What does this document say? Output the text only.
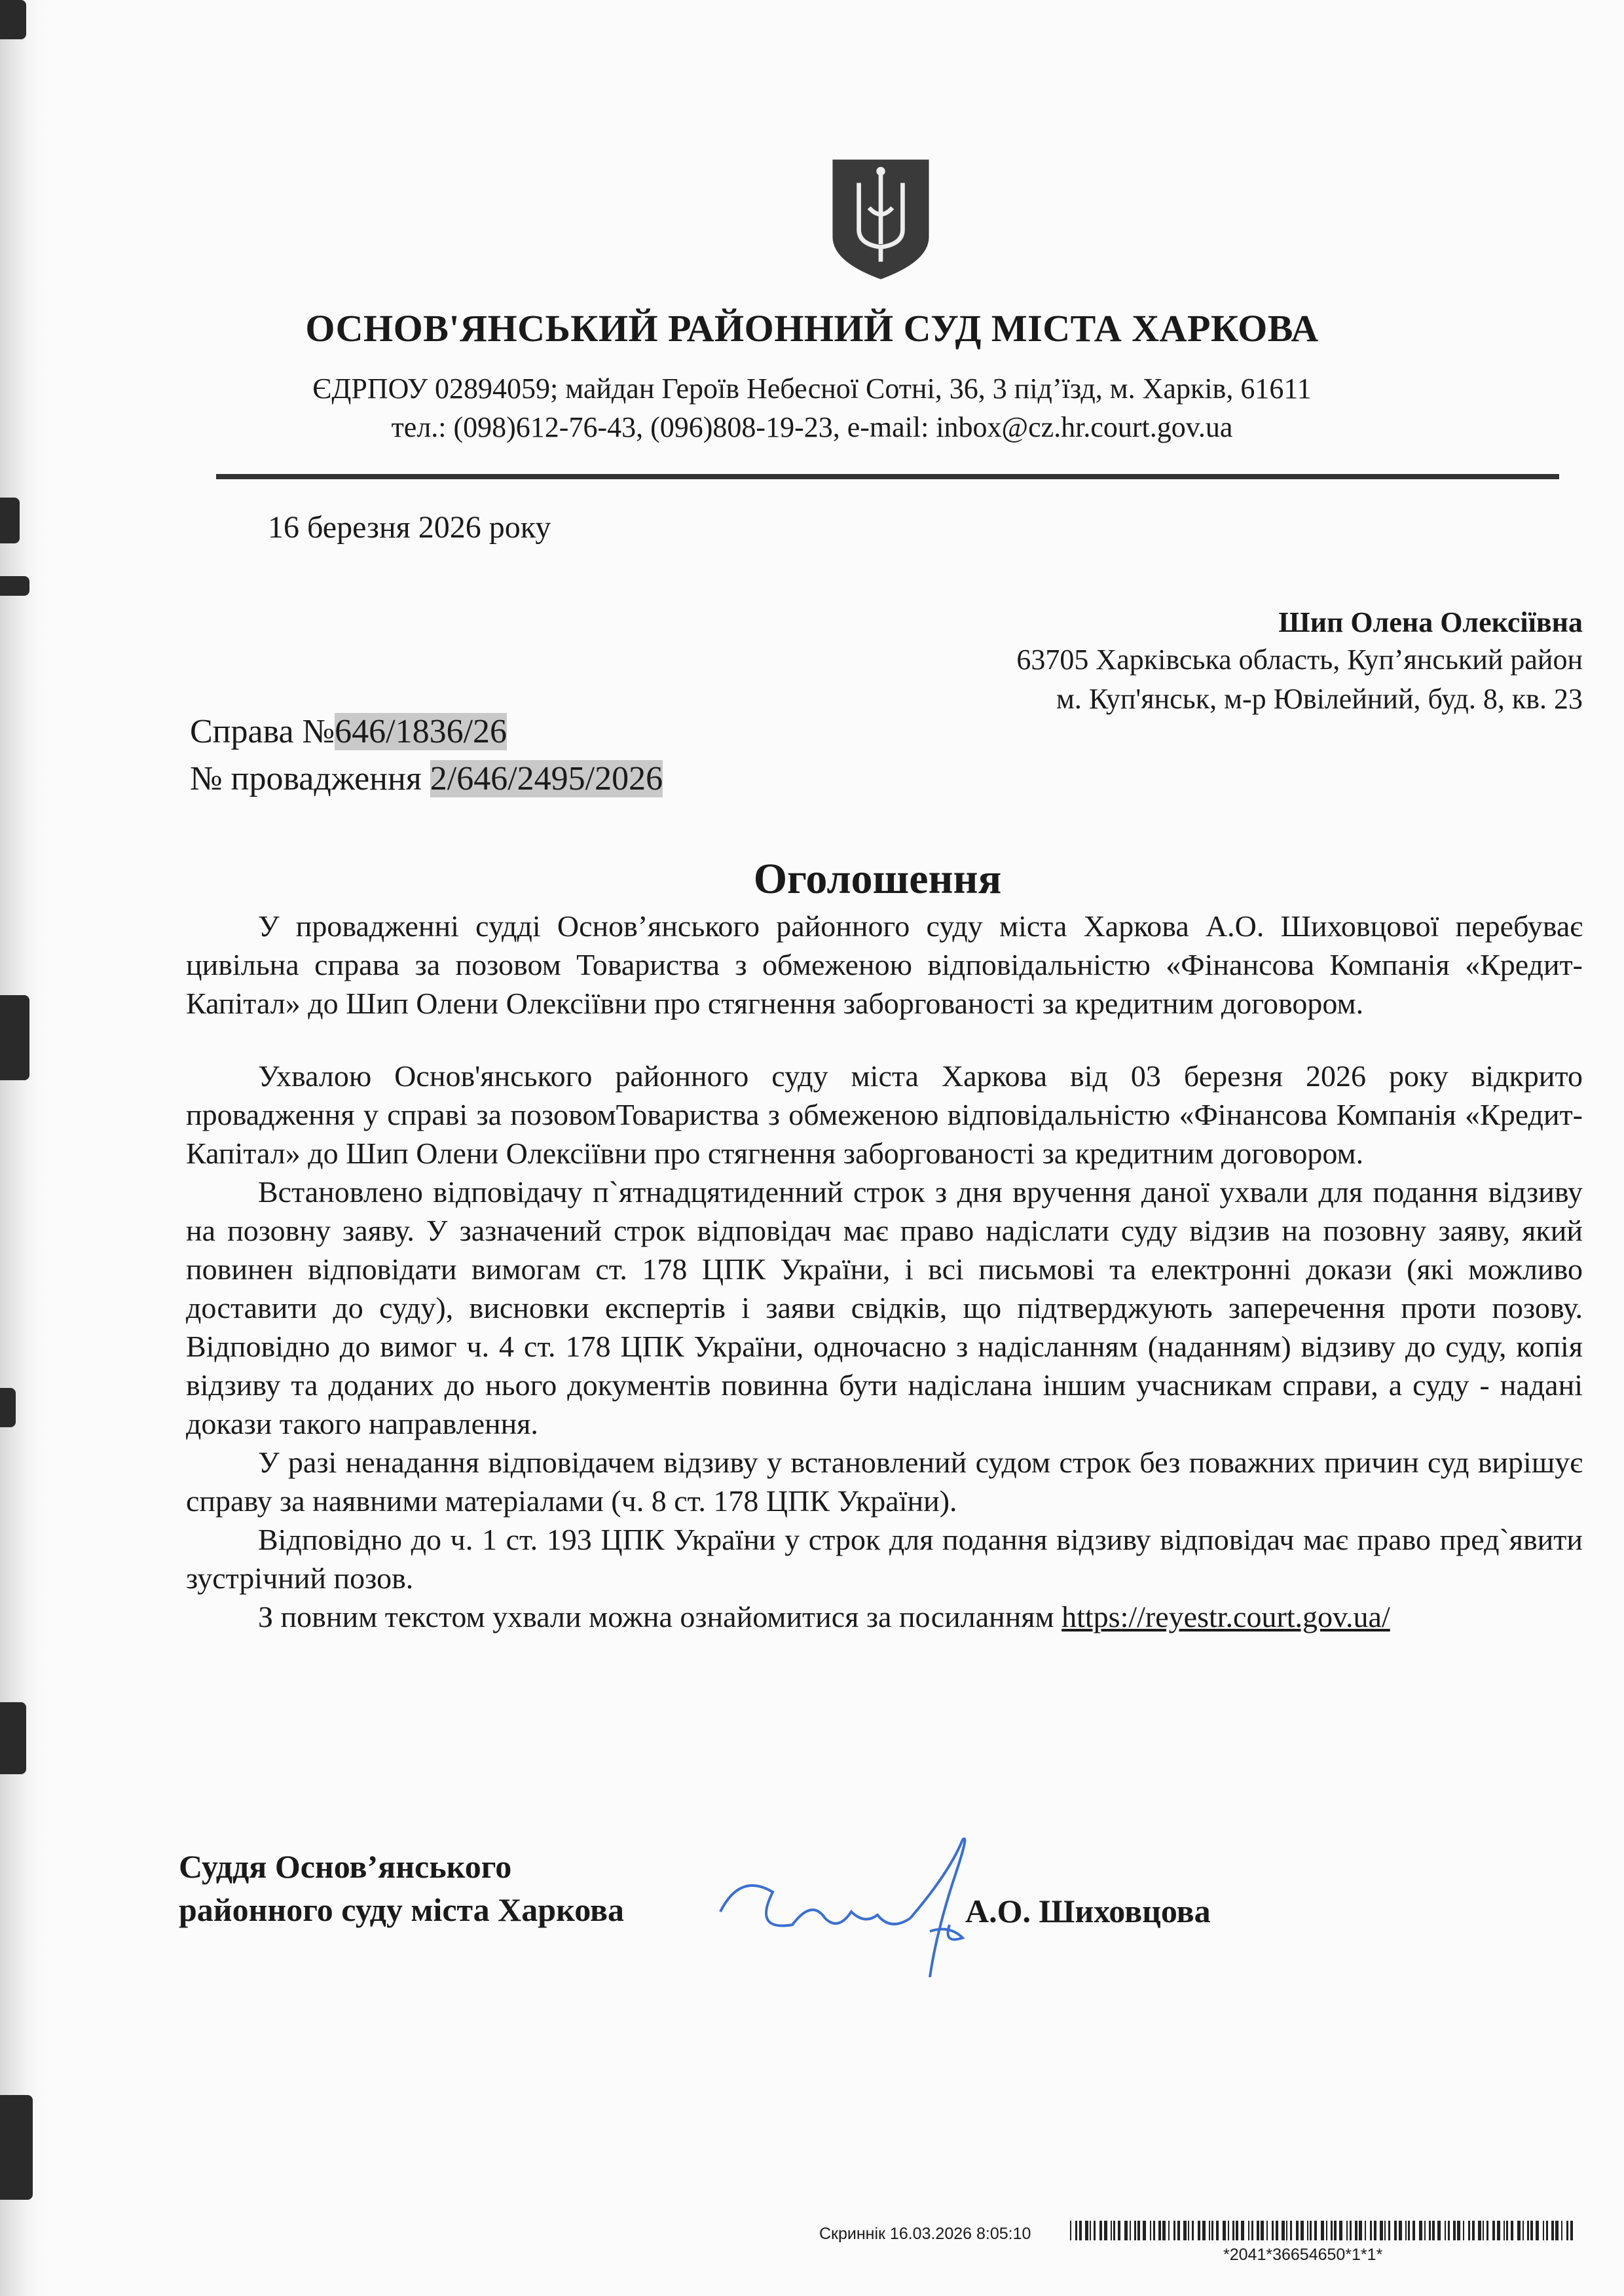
ОСНОВ'ЯНСЬКИЙ РАЙОННИЙ СУД МІСТА ХАРКОВА
ЄДРПОУ 02894059; майдан Героїв Небесної Сотні, 36, 3 під’їзд, м. Харків, 61611
тел.: (098)612-76-43, (096)808-19-23, e-mail: inbox@cz.hr.court.gov.ua
16 березня 2026 року
Шип Олена Олексіївна
63705 Харківська область, Куп’янський район
м. Куп'янськ, м-р Ювілейний, буд. 8, кв. 23
Справа №646/1836/26
№ провадження 2/646/2495/2026
Оголошення

У провадженні судді Основ’янського районного суду міста Харкова А.О. Шиховцової перебуває цивільна справа за позовом Товариства з обмеженою відповідальністю «Фінансова Компанія «Кредит-Капітал» до Шип Олени Олексіївни про стягнення заборгованості за кредитним договором.

Ухвалою Основ'янського районного суду міста Харкова від 03 березня 2026 року відкрито провадження у справі за позовомТовариства з обмеженою відповідальністю «Фінансова Компанія «Кредит-Капітал» до Шип Олени Олексіївни про стягнення заборгованості за кредитним договором.

Встановлено відповідачу п`ятнадцятиденний строк з дня вручення даної ухвали для подання відзиву на позовну заяву. У зазначений строк відповідач має право надіслати суду відзив на позовну заяву, який повинен відповідати вимогам ст. 178 ЦПК України, і всі письмові та електронні докази (які можливо доставити до суду), висновки експертів і заяви свідків, що підтверджують заперечення проти позову. Відповідно до вимог ч. 4 ст. 178 ЦПК України, одночасно з надісланням (наданням) відзиву до суду, копія відзиву та доданих до нього документів повинна бути надіслана іншим учасникам справи, а суду - надані докази такого направлення.

У разі ненадання відповідачем відзиву у встановлений судом строк без поважних причин суд вирішує справу за наявними матеріалами (ч. 8 ст. 178 ЦПК України).

Відповідно до ч. 1 ст. 193 ЦПК України у строк для подання відзиву відповідач має право пред`явити зустрічний позов.

З повним текстом ухвали можна ознайомитися за посиланням https://reyestr.court.gov.ua/

Суддя Основ’янського
районного суду міста Харкова	А.О. Шиховцова
Скриннік 16.03.2026 8:05:10
*2041*36654650*1*1*
